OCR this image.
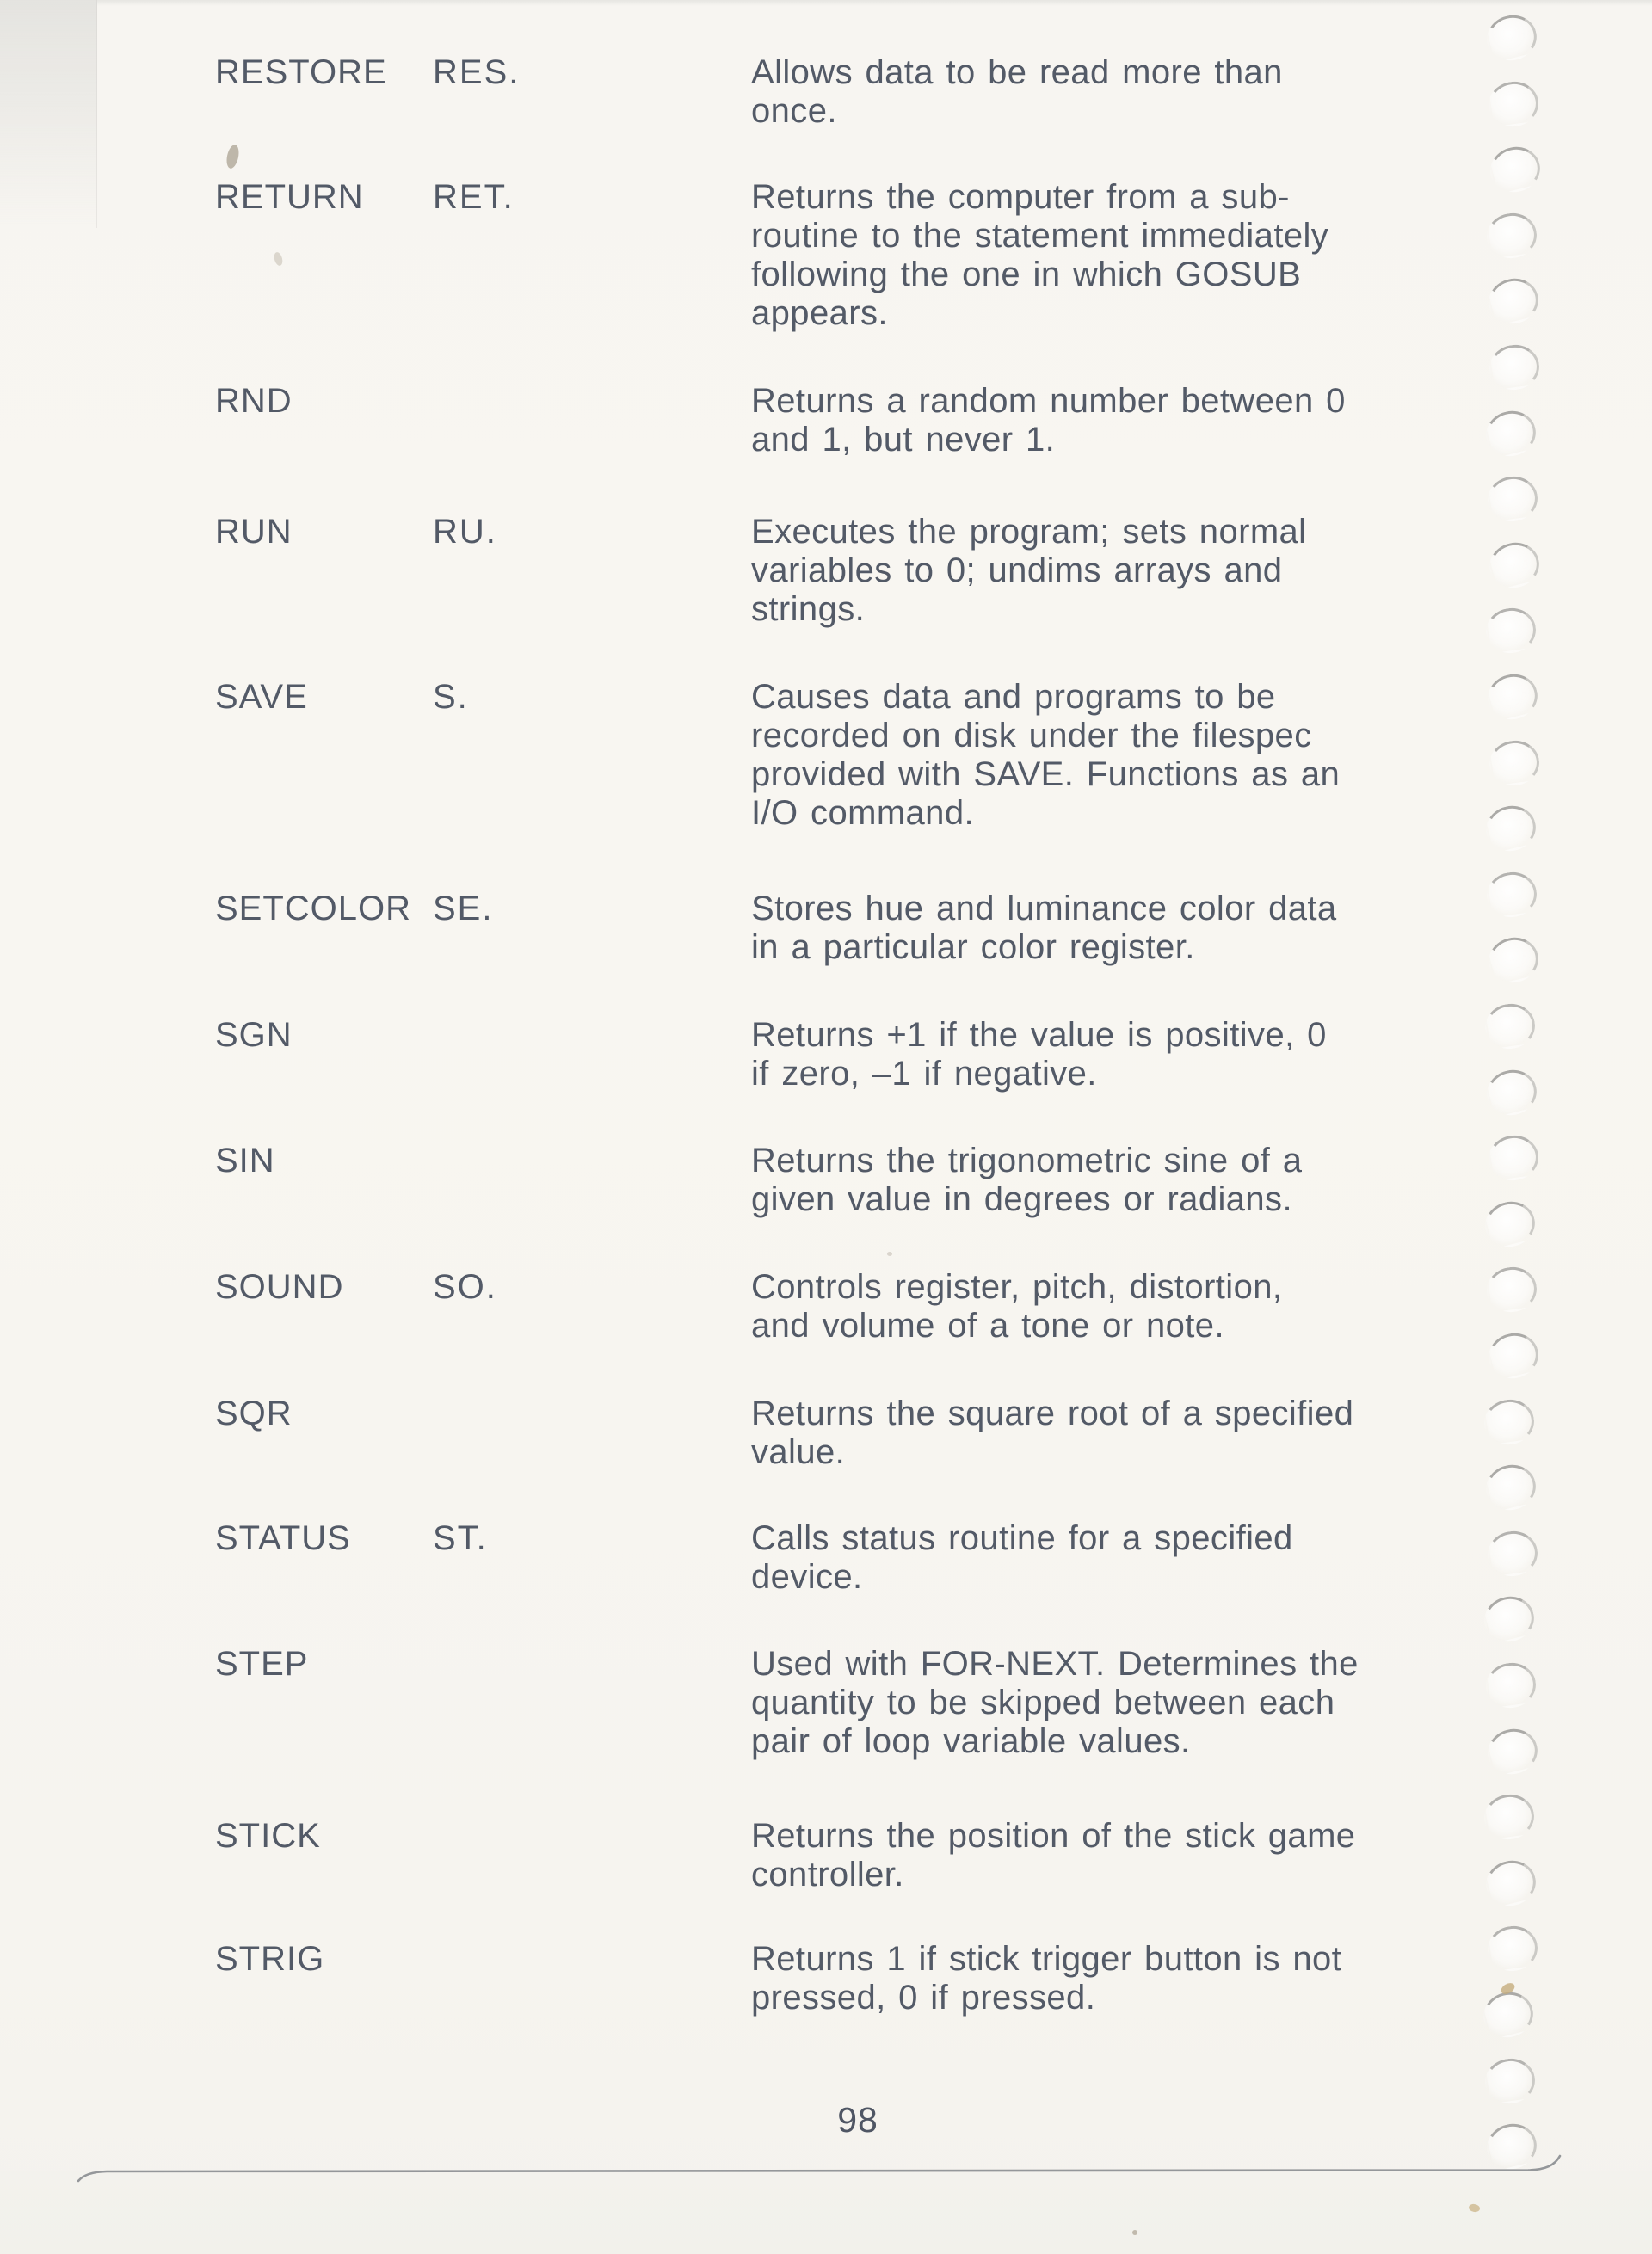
RESTORE RES.	Allows data to be read more than
once.
RETURN RET.	Returns the computer from a sub-
routine to the statement immediately
following the one in which GOSUB
appears.
RND	Returns a random number between 0
and 1, but never 1.
RUN	RU.	Executes the program; sets normal
variables to 0; undims arrays and
strings.
SAVE	S.	Causes data and programs to be
recorded on disk under the filespec
provided with SAVE. Functions as an
I/O command.
SETCOLOR SE.	Stores hue and luminance color data
in a particular color register.
SGN	Returns +1 if the value is positive, 0
if zero, –1 if negative.
SIN	Returns the trigonometric sine of a
given value in degrees or radians.
SOUND	SO.	Controls register, pitch, distortion,
and volume of a tone or note.
SQR	Returns the square root of a specified
value.
STATUS ST.	Calls status routine for a specified
device.
STEP	Used with FOR-NEXT. Determines the
quantity to be skipped between each
pair of loop variable values.
STICK	Returns the position of the stick game
controller.
STRIG	Returns 1 if stick trigger button is not
pressed, 0 if pressed.
98
